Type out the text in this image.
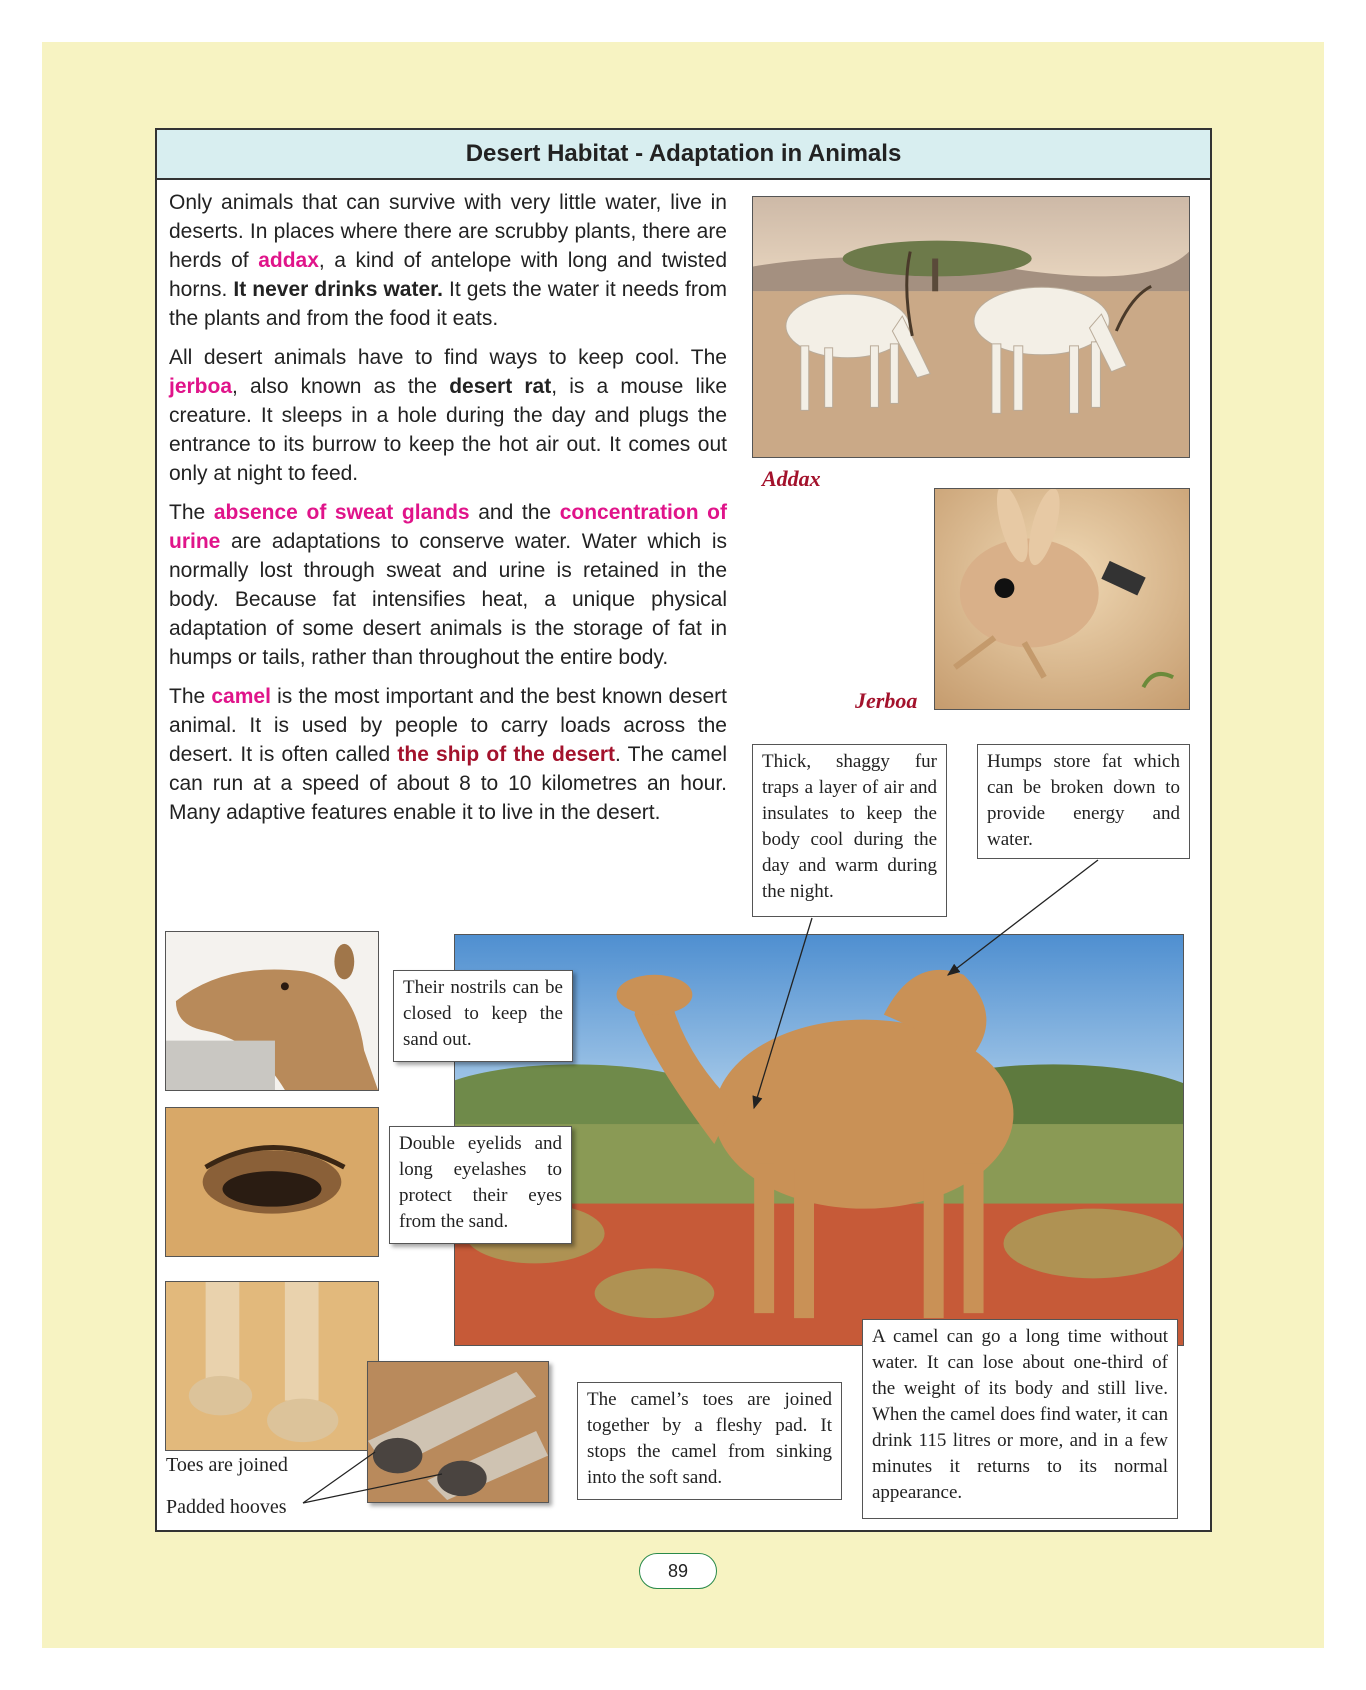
Desert Habitat - Adaptation in Animals

Only animals that can survive with very little water, live in deserts. In places where there are scrubby plants, there are herds of addax, a kind of antelope with long and twisted horns. It never drinks water. It gets the water it needs from the plants and from the food it eats.

All desert animals have to find ways to keep cool. The jerboa, also known as the desert rat, is a mouse like creature. It sleeps in a hole during the day and plugs the entrance to its burrow to keep the hot air out. It comes out only at night to feed.

The absence of sweat glands and the concentration of urine are adaptations to conserve water. Water which is normally lost through sweat and urine is retained in the body. Because fat intensifies heat, a unique physical adaptation of some desert animals is the storage of fat in humps or tails, rather than throughout the entire body.

The camel is the most important and the best known desert animal. It is used by people to carry loads across the desert. It is often called the ship of the desert. The camel can run at a speed of about 8 to 10 kilometres an hour. Many adaptive features enable it to live in the desert.

Addax
Jerboa
Thick, shaggy fur traps a layer of air and insulates to keep the body cool during the day and warm during the night.
Humps store fat which can be broken down to provide energy and water.
Toes are joined
Padded hooves
Their nostrils can be closed to keep the sand out.
Double eyelids and long eyelashes to protect their eyes from the sand.
The camel’s toes are joined together by a fleshy pad. It stops the camel from sinking into the soft sand.
A camel can go a long time without water. It can lose about one-third of the weight of its body and still live. When the camel does find water, it can drink 115 litres or more, and in a few minutes it returns to its normal appearance.
89
